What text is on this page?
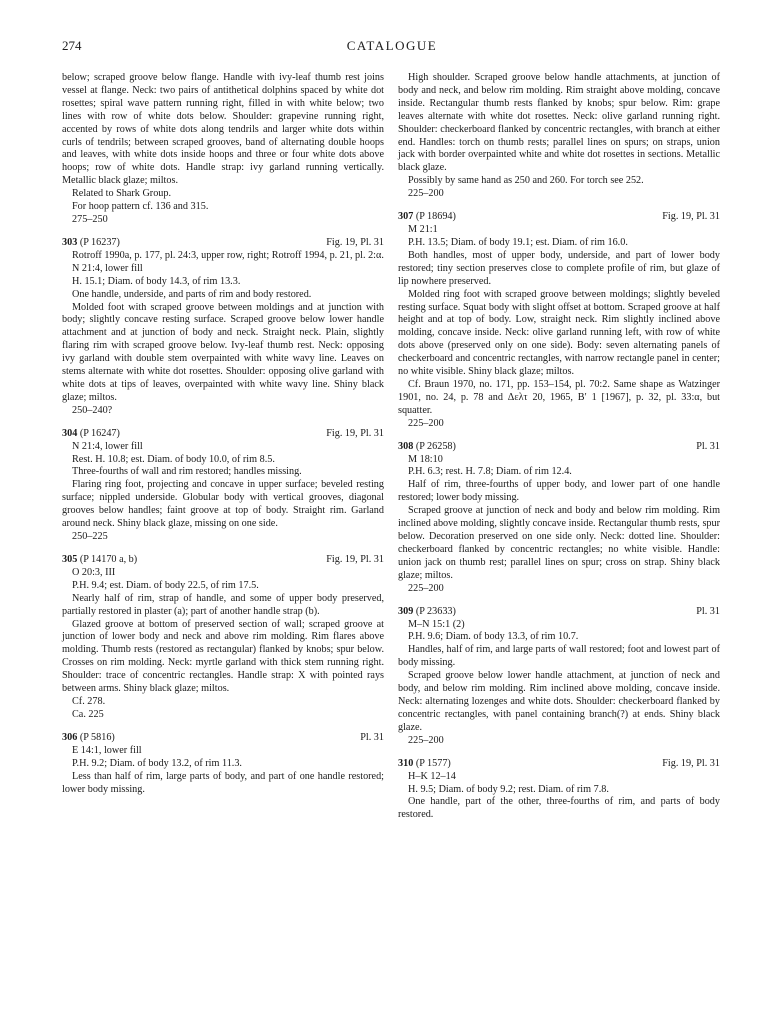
274	CATALOGUE

below; scraped groove below flange. Handle with ivy-leaf thumb rest joins vessel at flange. Neck: two pairs of antithetical dolphins spaced by white dot rosettes; spiral wave pattern running right, filled in with white below; two lines with row of white dots below. Shoulder: grapevine running right, accented by rows of white dots along tendrils and larger white dots within curls of tendrils; between scraped grooves, band of alternating double hoops and leaves, with white dots inside hoops and three or four white dots above hoops; row of white dots. Handle strap: ivy garland running vertically. Metallic black glaze; miltos.

Related to Shark Group.

For hoop pattern cf. 136 and 315.

275–250

303 (P 16237)	Fig. 19, Pl. 31

Rotroff 1990a, p. 177, pl. 24:3, upper row, right; Rotroff 1994, p. 21, pl. 2:α.

N 21:4, lower fill

H. 15.1; Diam. of body 14.3, of rim 13.3.

One handle, underside, and parts of rim and body restored.

Molded foot with scraped groove between moldings and at junction with body; slightly concave resting surface. Scraped groove below lower handle attachment and at junction of body and neck. Straight neck. Plain, slightly flaring rim with scraped groove below. Ivy-leaf thumb rest. Neck: opposing ivy garland with double stem overpainted with white wavy line. Leaves on stems alternate with white dot rosettes. Shoulder: opposing olive garland with white dots at tips of leaves, overpainted with white wavy line. Shiny black glaze; miltos.

250–240?

304 (P 16247)	Fig. 19, Pl. 31

N 21:4, lower fill

Rest. H. 10.8; est. Diam. of body 10.0, of rim 8.5.

Three-fourths of wall and rim restored; handles missing.

Flaring ring foot, projecting and concave in upper surface; beveled resting surface; nippled underside. Globular body with vertical grooves, diagonal grooves below handles; faint groove at top of body. Straight rim. Garland around neck. Shiny black glaze, missing on one side.

250–225

305 (P 14170 a, b)	Fig. 19, Pl. 31

O 20:3, III

P.H. 9.4; est. Diam. of body 22.5, of rim 17.5.

Nearly half of rim, strap of handle, and some of upper body preserved, partially restored in plaster (a); part of another handle strap (b).

Glazed groove at bottom of preserved section of wall; scraped groove at junction of lower body and neck and above rim molding. Rim flares above molding. Thumb rests (restored as rectangular) flanked by knobs; spur below. Crosses on rim molding. Neck: myrtle garland with thick stem running right. Shoulder: trace of concentric rectangles. Handle strap: X with pointed rays between arms. Shiny black glaze; miltos.

Cf. 278.

Ca. 225

306 (P 5816)	Pl. 31

E 14:1, lower fill

P.H. 9.2; Diam. of body 13.2, of rim 11.3.

Less than half of rim, large parts of body, and part of one handle restored; lower body missing.

High shoulder. Scraped groove below handle attachments, at junction of body and neck, and below rim molding. Rim straight above molding, concave inside. Rectangular thumb rests flanked by knobs; spur below. Rim: grape leaves alternate with white dot rosettes. Neck: olive garland running right. Shoulder: checkerboard flanked by concentric rectangles, with branch at either end. Handles: torch on thumb rests; parallel lines on spurs; on straps, union jack with border overpainted white and white dot rosettes in sections. Metallic black glaze.

Possibly by same hand as 250 and 260. For torch see 252.

225–200

307 (P 18694)	Fig. 19, Pl. 31

M 21:1

P.H. 13.5; Diam. of body 19.1; est. Diam. of rim 16.0.

Both handles, most of upper body, underside, and part of lower body restored; tiny section preserves close to complete profile of rim, but glaze of lip nowhere preserved.

Molded ring foot with scraped groove between moldings; slightly beveled resting surface. Squat body with slight offset at bottom. Scraped groove at half height and at top of body. Low, straight neck. Rim slightly inclined above molding, concave inside. Neck: olive garland running left, with row of white dots above (preserved only on one side). Body: seven alternating panels of checkerboard and concentric rectangles, with narrow rectangle panel in center; no white visible. Shiny black glaze; miltos.

Cf. Braun 1970, no. 171, pp. 153–154, pl. 70:2. Same shape as Watzinger 1901, no. 24, p. 78 and Δελτ 20, 1965, Β′ 1 [1967], p. 32, pl. 33:α, but squatter.

225–200

308 (P 26258)	Pl. 31

M 18:10

P.H. 6.3; rest. H. 7.8; Diam. of rim 12.4.

Half of rim, three-fourths of upper body, and lower part of one handle restored; lower body missing.

Scraped groove at junction of neck and body and below rim molding. Rim inclined above molding, slightly concave inside. Rectangular thumb rests, spur below. Decoration preserved on one side only. Neck: dotted line. Shoulder: checkerboard flanked by concentric rectangles; no white visible. Handle: union jack on thumb rest; parallel lines on spur; cross on strap. Shiny black glaze; miltos.

225–200

309 (P 23633)	Pl. 31

M–N 15:1 (2)

P.H. 9.6; Diam. of body 13.3, of rim 10.7.

Handles, half of rim, and large parts of wall restored; foot and lowest part of body missing.

Scraped groove below lower handle attachment, at junction of neck and body, and below rim molding. Rim inclined above molding, concave inside. Neck: alternating lozenges and white dots. Shoulder: checkerboard flanked by concentric rectangles, with panel containing branch(?) at ends. Shiny black glaze.

225–200

310 (P 1577)	Fig. 19, Pl. 31

H–K 12–14

H. 9.5; Diam. of body 9.2; rest. Diam. of rim 7.8.

One handle, part of the other, three-fourths of rim, and parts of body restored.
